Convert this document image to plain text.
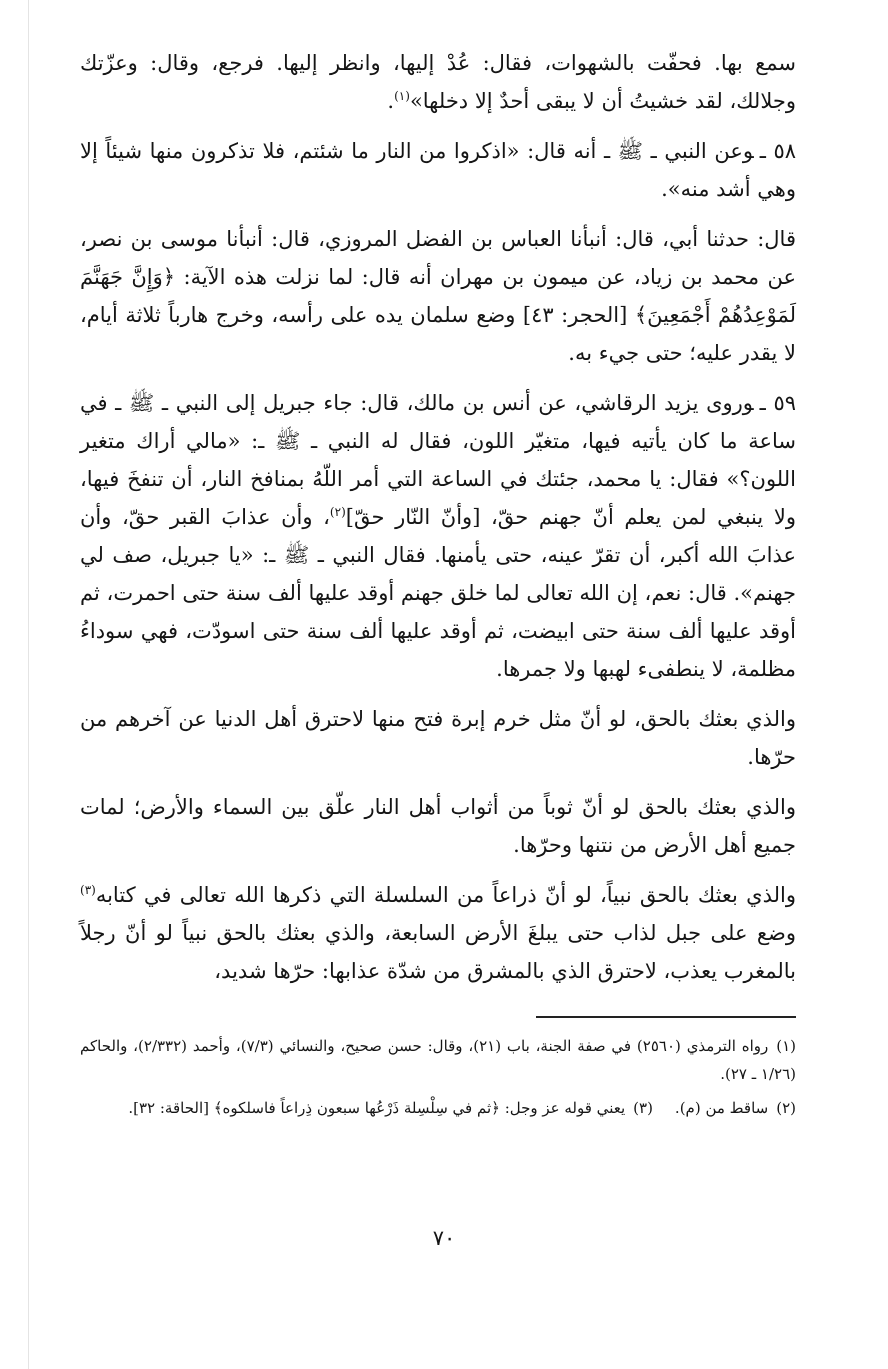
سمع بها. فحفّت بالشهوات، فقال: عُدْ إليها، وانظر إليها. فرجع، وقال: وعزّتك وجلالك، لقد خشيتُ أن لا يبقى أحدٌ إلا دخلها»$^{(١)}$.

٥٨ ـوعن النبي ـ ﷺ ـ أنه قال: «اذكروا من النار ما شئتم، فلا تذكرون منها شيئاً إلا وهي أشد منه».

قال: حدثنا أبي، قال: أنبأنا العباس بن الفضل المروزي، قال: أنبأنا موسى بن نصر، عن محمد بن زياد، عن ميمون بن مهران أنه قال: لما نزلت هذه الآية: ﴿وَإِنَّ جَهَنَّمَ لَمَوْعِدُهُمْ أَجْمَعِينَ﴾ [الحجر: ٤٣] وضع سلمان يده على رأسه، وخرج هارباً ثلاثة أيام، لا يقدر عليه؛ حتى جيء به.

٥٩ ـوروى يزيد الرقاشي، عن أنس بن مالك، قال: جاء جبريل إلى النبي ـ ﷺ ـ في ساعة ما كان يأتيه فيها، متغيّر اللون، فقال له النبي ـ ﷺ ـ: «مالي أراك متغير اللون؟» فقال: يا محمد، جئتك في الساعة التي أمر اللّهُ بمنافخ النار، أن تنفخَ فيها، ولا ينبغي لمن يعلم أنّ جهنم حقّ، [وأنّ النّار حقّ]$^{(٢)}$، وأن عذابَ القبر حقّ، وأن عذابَ الله أكبر، أن تقرّ عينه، حتى يأمنها. فقال النبي ـ ﷺ ـ: «يا جبريل، صف لي جهنم». قال: نعم، إن الله تعالى لما خلق جهنم أوقد عليها ألف سنة حتى احمرت، ثم أوقد عليها ألف سنة حتى ابيضت، ثم أوقد عليها ألف سنة حتى اسودّت، فهي سوداءُ مظلمة، لا ينطفىء لهبها ولا جمرها.

والذي بعثك بالحق، لو أنّ مثل خرم إبرة فتح منها لاحترق أهل الدنيا عن آخرهم من حرّها.

والذي بعثك بالحق لو أنّ ثوباً من أثواب أهل النار علّق بين السماء والأرض؛ لمات جميع أهل الأرض من نتنها وحرّها.

والذي بعثك بالحق نبياً، لو أنّ ذراعاً من السلسلة التي ذكرها الله تعالى في كتابه$^{(٣)}$ وضع على جبل لذاب حتى يبلغَ الأرض السابعة، والذي بعثك بالحق نبياً لو أنّ رجلاً بالمغرب يعذب، لاحترق الذي بالمشرق من شدّة عذابها: حرّها شديد،

(١)رواه الترمذي (٢٥٦٠) في صفة الجنة، باب (٢١)، وقال: حسن صحيح، والنسائي (٧/٣)، وأحمد (٢/٣٣٢)، والحاكم (١/٢٦ ـ ٢٧).

(٢)ساقط من (م).(٣)يعني قوله عز وجل: ﴿ثم في سِلْسِلة ذَرْعُها سبعون ذِراعاً فاسلكوه﴾ [الحاقة: ٣٢].

٧٠
